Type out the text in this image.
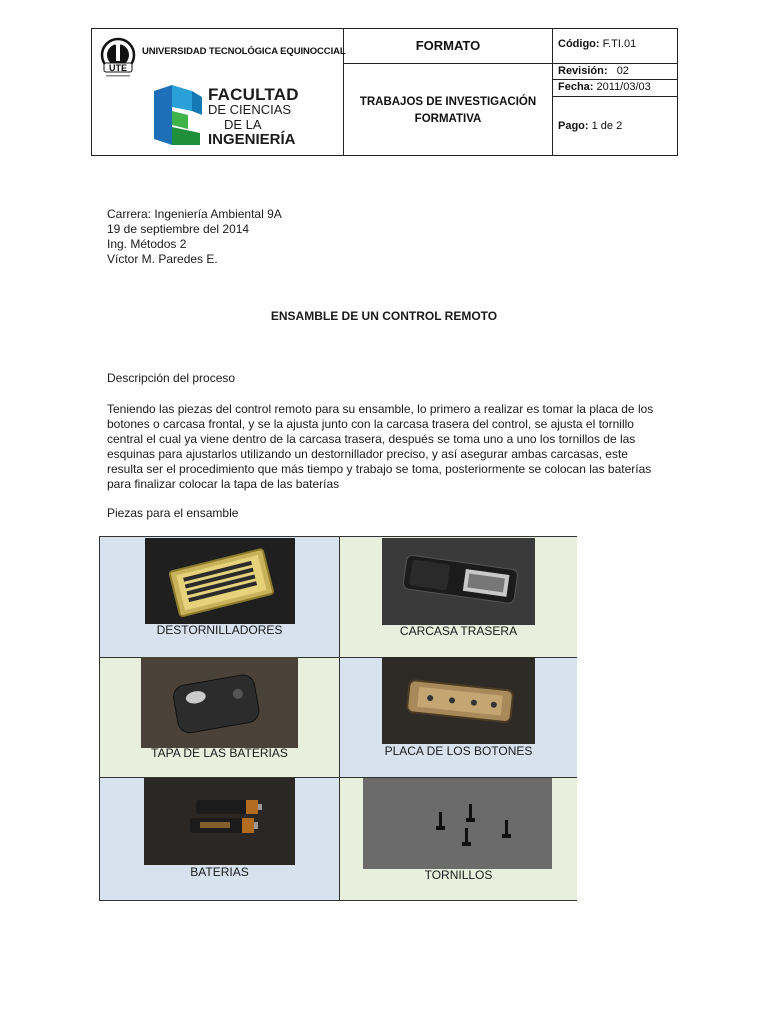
UTE
UNIVERSIDAD TECNOLÓGICA EQUINOCCIAL
FACULTAD
DE CIENCIAS
DE LA
INGENIERÍA
FORMATO
TRABAJOS DE INVESTIGACIÓN FORMATIVA
Código: F.TI.01
Revisión: 02
Fecha: 2011/03/03
Pago: 1 de 2
Carrera: Ingeniería Ambiental 9A
19 de septiembre del 2014
Ing. Métodos 2
Víctor M. Paredes E.
ENSAMBLE DE UN CONTROL REMOTO
Descripción del proceso
Teniendo las piezas del control remoto para su ensamble, lo primero a realizar es tomar la placa de los botones o carcasa frontal, y se la ajusta junto con la carcasa trasera del control, se ajusta el tornillo central el cual ya viene dentro de la carcasa trasera, después se toma uno a uno los tornillos de las esquinas para ajustarlos utilizando un destornillador preciso, y así asegurar ambas carcasas, este resulta ser el procedimiento que más tiempo y trabajo se toma, posteriormente se colocan las baterías para finalizar colocar la tapa de las baterías
Piezas para el ensamble
DESTORNILLADORES	CARCASA TRASERA
TAPA DE LAS BATERIAS	PLACA DE LOS BOTONES
BATERIAS	TORNILLOS
